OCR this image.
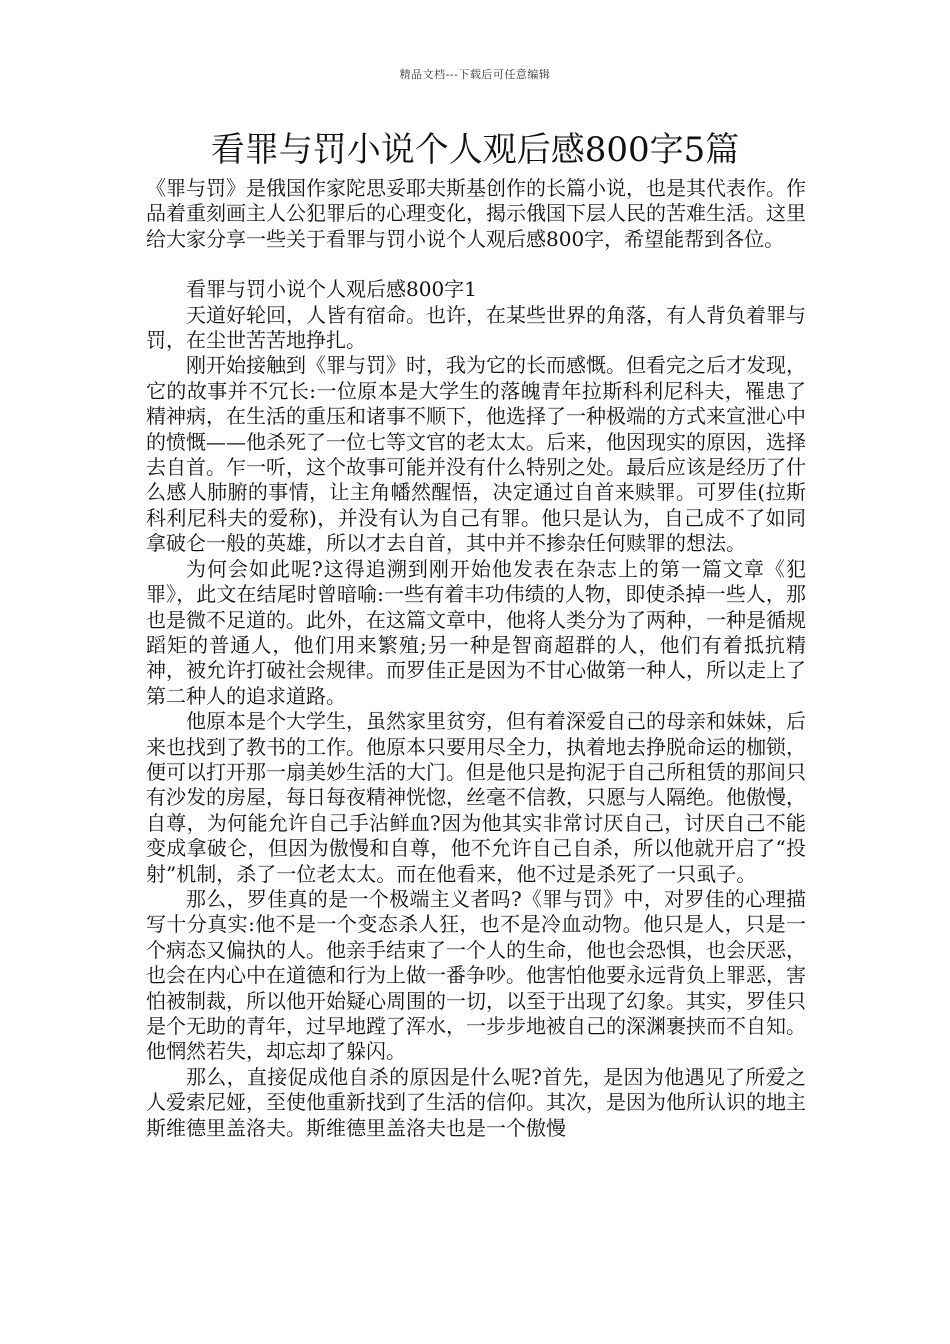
精品文档---下载后可任意编辑
看罪与罚小说个人观后感800字5篇

《罪与罚》是俄国作家陀思妥耶夫斯基创作的长篇小说，也是其代表作。作品着重刻画主人公犯罪后的心理变化，揭示俄国下层人民的苦难生活。这里给大家分享一些关于看罪与罚小说个人观后感800字，希望能帮到各位。

看罪与罚小说个人观后感800字1

天道好轮回，人皆有宿命。也许，在某些世界的角落，有人背负着罪与罚，在尘世苦苦地挣扎。

刚开始接触到《罪与罚》时，我为它的长而感慨。但看完之后才发现，它的故事并不冗长:一位原本是大学生的落魄青年拉斯科利尼科夫，罹患了精神病，在生活的重压和诸事不顺下，他选择了一种极端的方式来宣泄心中的愤慨——他杀死了一位七等文官的老太太。后来，他因现实的原因，选择去自首。乍一听，这个故事可能并没有什么特别之处。最后应该是经历了什么感人肺腑的事情，让主角幡然醒悟，决定通过自首来赎罪。可罗佳(拉斯科利尼科夫的爱称)，并没有认为自己有罪。他只是认为，自己成不了如同拿破仑一般的英雄，所以才去自首，其中并不掺杂任何赎罪的想法。

为何会如此呢?这得追溯到刚开始他发表在杂志上的第一篇文章《犯罪》，此文在结尾时曾暗喻:一些有着丰功伟绩的人物，即使杀掉一些人，那也是微不足道的。此外，在这篇文章中，他将人类分为了两种，一种是循规蹈矩的普通人，他们用来繁殖;另一种是智商超群的人，他们有着抵抗精神，被允许打破社会规律。而罗佳正是因为不甘心做第一种人，所以走上了第二种人的追求道路。

他原本是个大学生，虽然家里贫穷，但有着深爱自己的母亲和妹妹，后来也找到了教书的工作。他原本只要用尽全力，执着地去挣脱命运的枷锁，便可以打开那一扇美妙生活的大门。但是他只是拘泥于自己所租赁的那间只有沙发的房屋，每日每夜精神恍惚，丝毫不信教，只愿与人隔绝。他傲慢，自尊，为何能允许自己手沾鲜血?因为他其实非常讨厌自己，讨厌自己不能变成拿破仑，但因为傲慢和自尊，他不允许自己自杀，所以他就开启了“投射”机制，杀了一位老太太。而在他看来，他不过是杀死了一只虱子。

那么，罗佳真的是一个极端主义者吗?《罪与罚》中，对罗佳的心理描写十分真实:他不是一个变态杀人狂，也不是冷血动物。他只是人，只是一个病态又偏执的人。他亲手结束了一个人的生命，他也会恐惧，也会厌恶，也会在内心中在道德和行为上做一番争吵。他害怕他要永远背负上罪恶，害怕被制裁，所以他开始疑心周围的一切，以至于出现了幻象。其实，罗佳只是个无助的青年，过早地蹚了浑水，一步步地被自己的深渊裹挟而不自知。他惘然若失，却忘却了躲闪。

那么，直接促成他自杀的原因是什么呢?首先，是因为他遇见了所爱之人爱索尼娅，至使他重新找到了生活的信仰。其次，是因为他所认识的地主斯维德里盖洛夫。斯维德里盖洛夫也是一个傲慢
